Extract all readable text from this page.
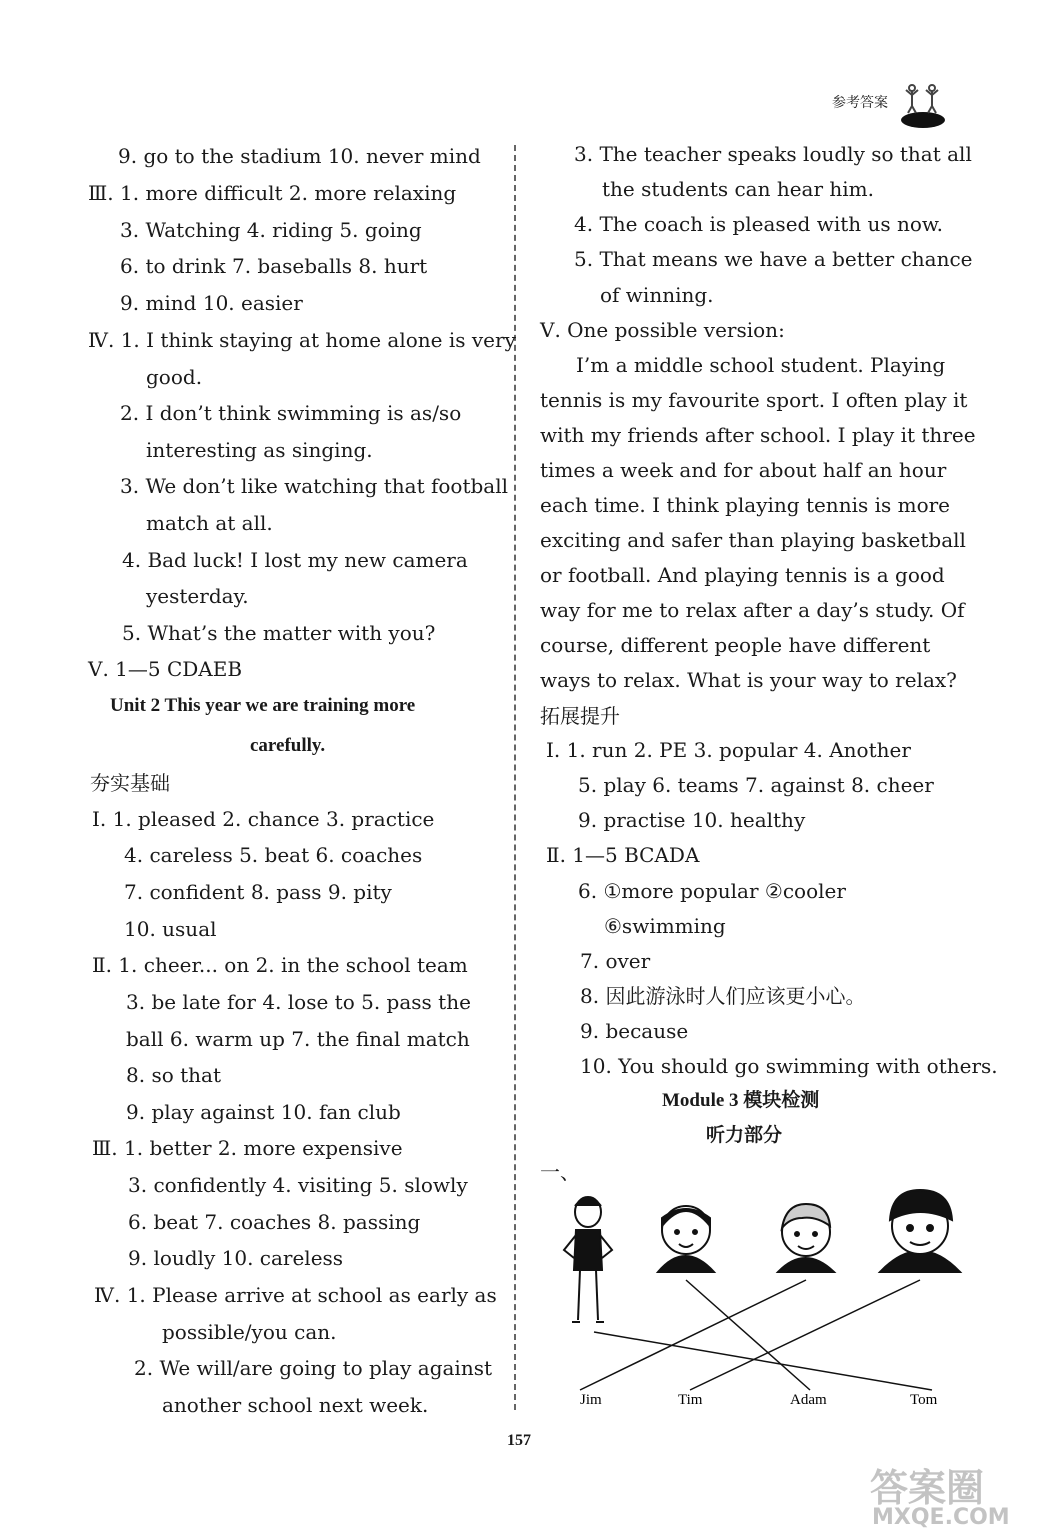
参考答案
9. go to the stadium 10. never mind
Ⅲ. 1. more difficult 2. more relaxing
3. Watching 4. riding 5. going
6. to drink 7. baseballs 8. hurt
9. mind 10. easier
Ⅳ. 1. I think staying at home alone is very
good.
2. I don’t think swimming is as/so
interesting as singing.
3. We don’t like watching that football
match at all.
4. Bad luck! I lost my new camera
yesterday.
5. What’s the matter with you?
Ⅴ. 1—5 CDAEB
Unit 2 This year we are training more
carefully.
夯实基础
Ⅰ. 1. pleased 2. chance 3. practice
4. careless 5. beat 6. coaches
7. confident 8. pass 9. pity
10. usual
Ⅱ. 1. cheer... on 2. in the school team
3. be late for 4. lose to 5. pass the
ball 6. warm up 7. the final match
8. so that
9. play against 10. fan club
Ⅲ. 1. better 2. more expensive
3. confidently 4. visiting 5. slowly
6. beat 7. coaches 8. passing
9. loudly 10. careless
Ⅳ. 1. Please arrive at school as early as
possible/you can.
2. We will/are going to play against
another school next week.
3. The teacher speaks loudly so that all
the students can hear him.
4. The coach is pleased with us now.
5. That means we have a better chance
of winning.
Ⅴ. One possible version:
I’m a middle school student. Playing
tennis is my favourite sport. I often play it
with my friends after school. I play it three
times a week and for about half an hour
each time. I think playing tennis is more
exciting and safer than playing basketball
or football. And playing tennis is a good
way for me to relax after a day’s study. Of
course, different people have different
ways to relax. What is your way to relax?
拓展提升
Ⅰ. 1. run 2. PE 3. popular 4. Another
5. play 6. teams 7. against 8. cheer
9. practise 10. healthy
Ⅱ. 1—5 BCADA
6. ①more popular ②cooler
⑥swimming
7. over
8. 因此游泳时人们应该更小心。
9. because
10. You should go swimming with others.
Module 3 模块检测
听力部分
一、
Jim	Tim	Adam	Tom
157
答案圈
MXQE.COM
